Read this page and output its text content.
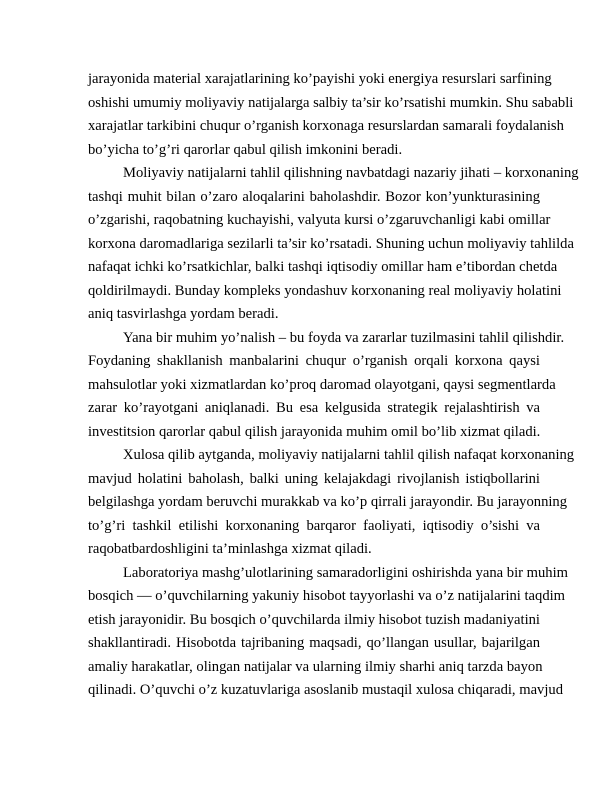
jarayonida material xarajatlarining ko’payishi yoki energiya resurslari sarfining
oshishi umumiy moliyaviy natijalarga salbiy ta’sir ko’rsatishi mumkin. Shu sababli
xarajatlar tarkibini chuqur o’rganish korxonaga resurslardan samarali foydalanish
bo’yicha to’g’ri qarorlar qabul qilish imkonini beradi.
Moliyaviy natijalarni tahlil qilishning navbatdagi nazariy jihati – korxonaning
tashqi muhit bilan o’zaro aloqalarini baholashdir. Bozor kon’yunkturasining
o’zgarishi, raqobatning kuchayishi, valyuta kursi o’zgaruvchanligi kabi omillar
korxona daromadlariga sezilarli ta’sir ko’rsatadi. Shuning uchun moliyaviy tahlilda
nafaqat ichki ko’rsatkichlar, balki tashqi iqtisodiy omillar ham e’tibordan chetda
qoldirilmaydi. Bunday kompleks yondashuv korxonaning real moliyaviy holatini
aniq tasvirlashga yordam beradi.
Yana bir muhim yo’nalish – bu foyda va zararlar tuzilmasini tahlil qilishdir.
Foydaning shakllanish manbalarini chuqur o’rganish orqali korxona qaysi
mahsulotlar yoki xizmatlardan ko’proq daromad olayotgani, qaysi segmentlarda
zarar ko’rayotgani aniqlanadi. Bu esa kelgusida strategik rejalashtirish va
investitsion qarorlar qabul qilish jarayonida muhim omil bo’lib xizmat qiladi.
Xulosa qilib aytganda, moliyaviy natijalarni tahlil qilish nafaqat korxonaning
mavjud holatini baholash, balki uning kelajakdagi rivojlanish istiqbollarini
belgilashga yordam beruvchi murakkab va ko’p qirrali jarayondir. Bu jarayonning
to’g’ri tashkil etilishi korxonaning barqaror faoliyati, iqtisodiy o’sishi va
raqobatbardoshligini ta’minlashga xizmat qiladi.
Laboratoriya mashg’ulotlarining samaradorligini oshirishda yana bir muhim
bosqich — o’quvchilarning yakuniy hisobot tayyorlashi va o’z natijalarini taqdim
etish jarayonidir. Bu bosqich o’quvchilarda ilmiy hisobot tuzish madaniyatini
shakllantiradi. Hisobotda tajribaning maqsadi, qo’llangan usullar, bajarilgan
amaliy harakatlar, olingan natijalar va ularning ilmiy sharhi aniq tarzda bayon
qilinadi. O’quvchi o’z kuzatuvlariga asoslanib mustaqil xulosa chiqaradi, mavjud
